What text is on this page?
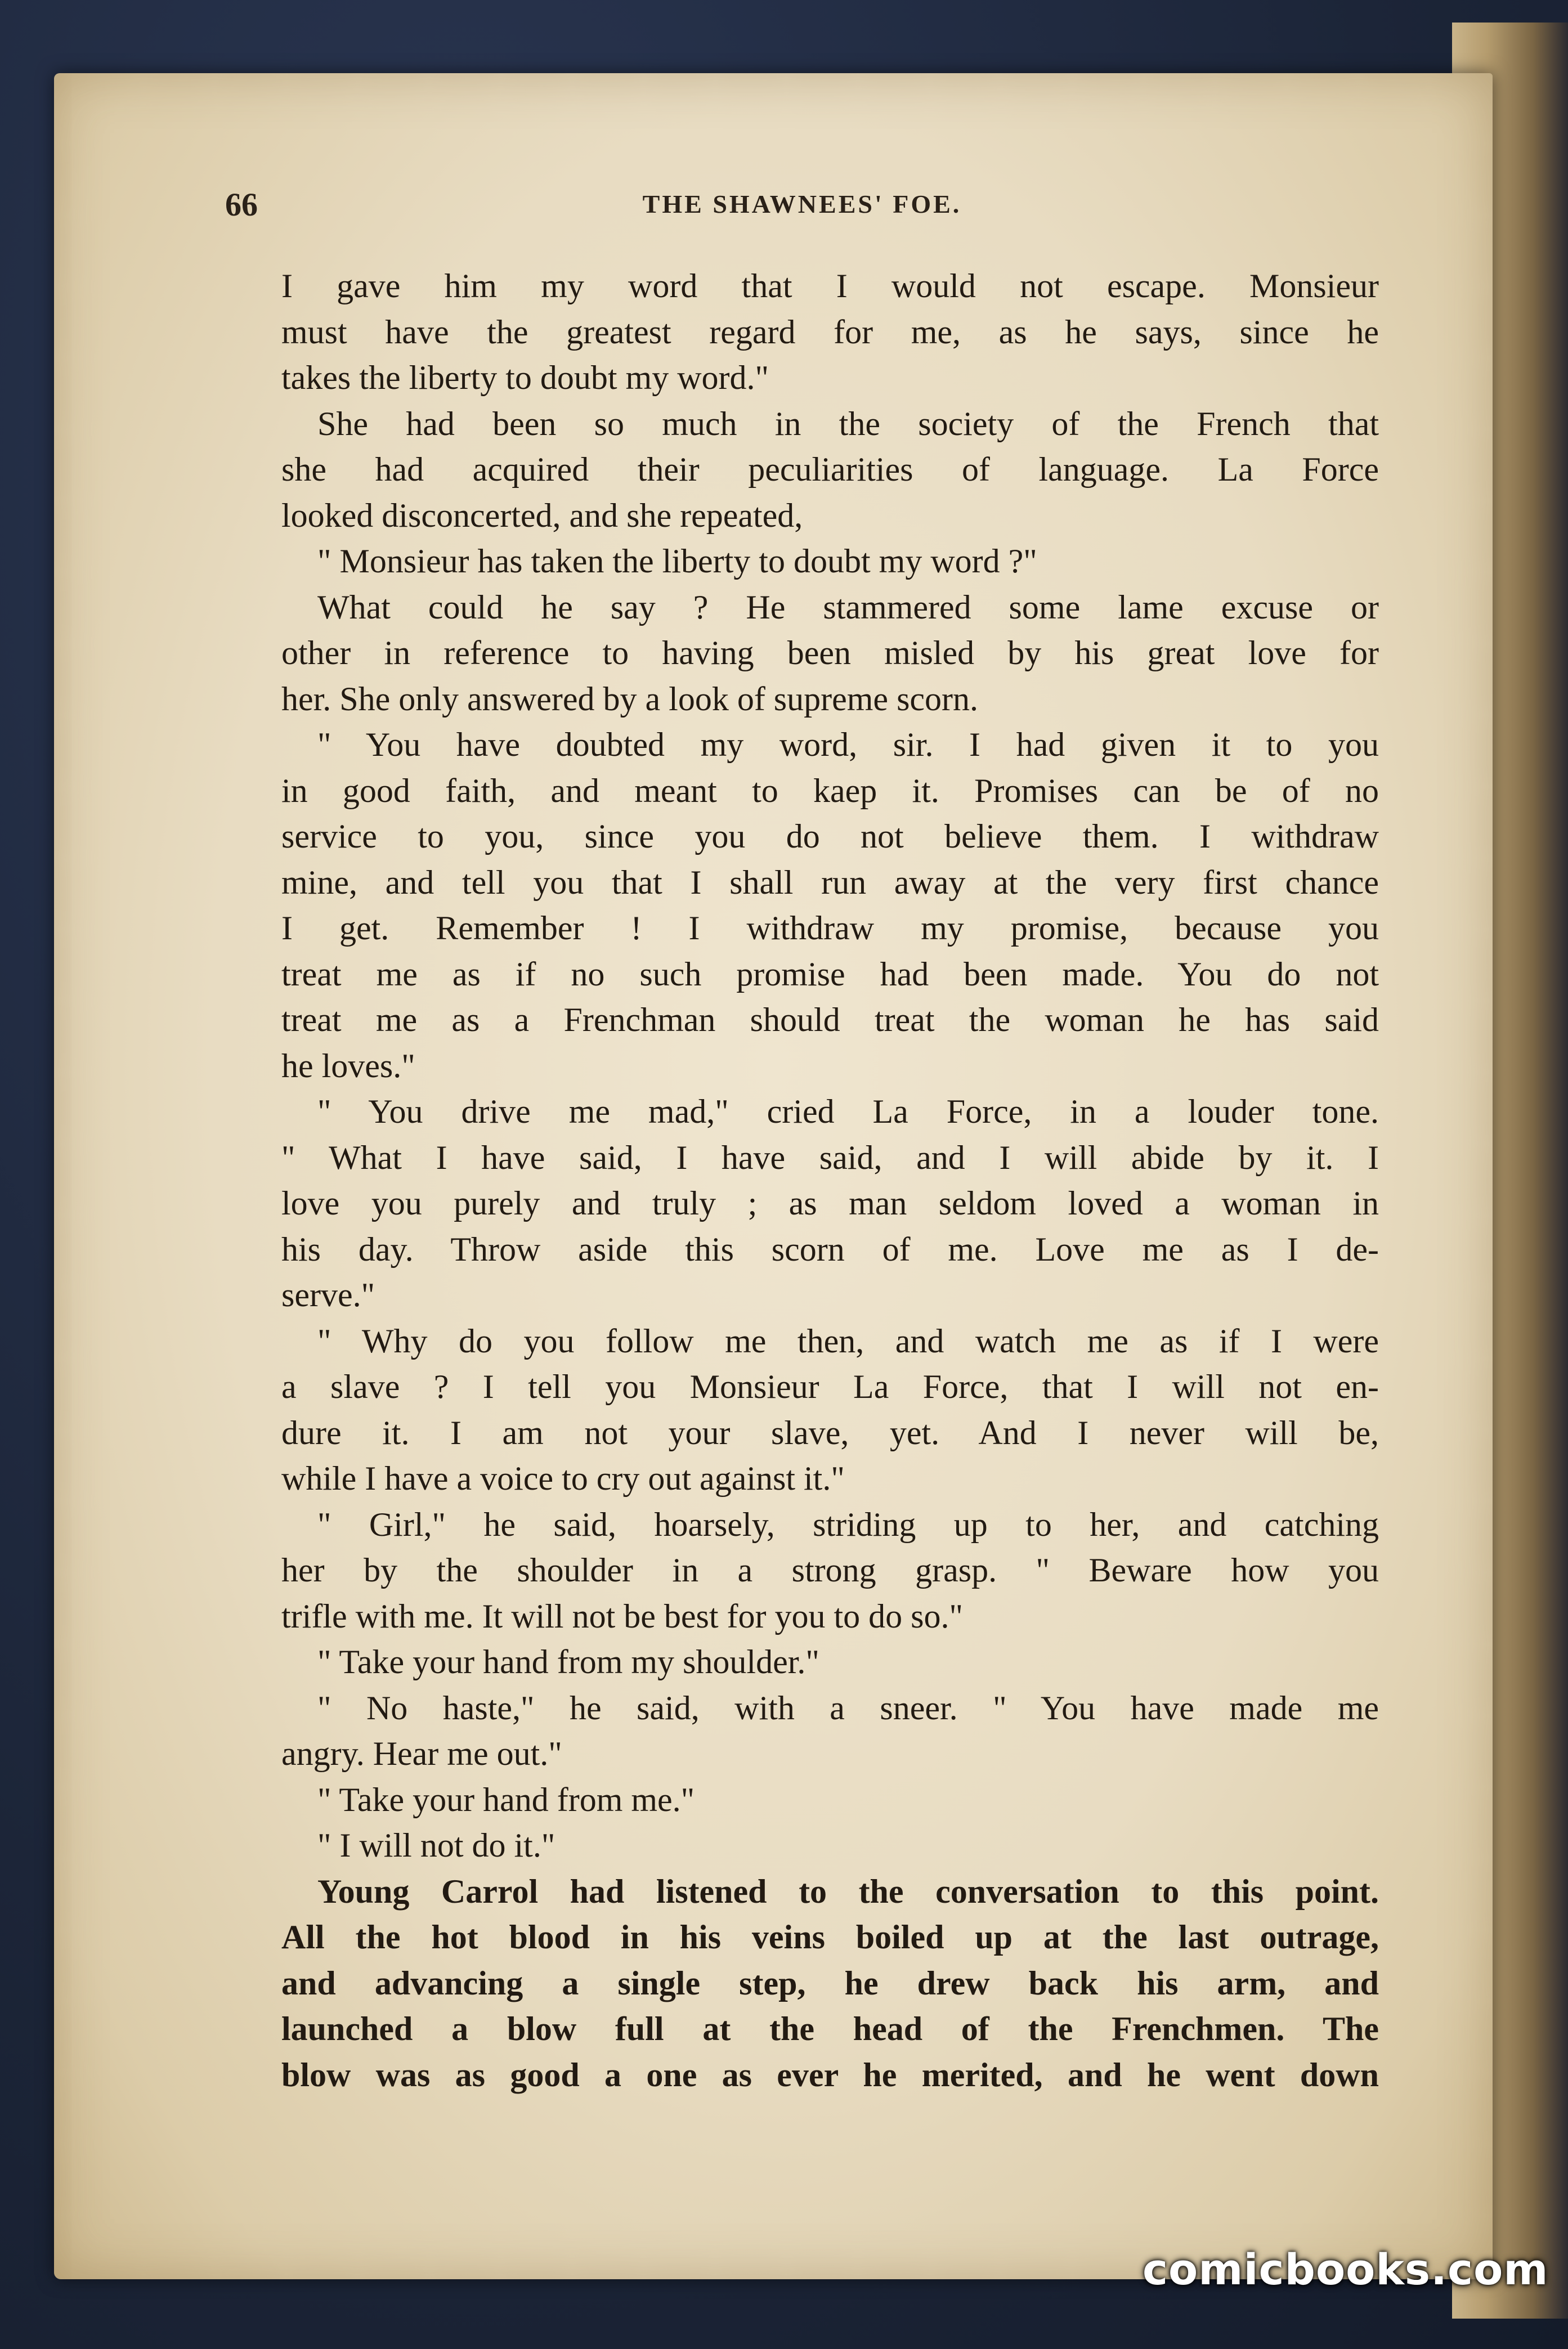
66	THE SHAWNEES' FOE.
I gave him my word that I would not escape. Monsieur
must have the greatest regard for me, as he says, since he
takes the liberty to doubt my word."
She had been so much in the society of the French that
she had acquired their peculiarities of language. La Force
looked disconcerted, and she repeated,
" Monsieur has taken the liberty to doubt my word ?"
What could he say ? He stammered some lame excuse or
other in reference to having been misled by his great love for
her. She only answered by a look of supreme scorn.
" You have doubted my word, sir. I had given it to you
in good faith, and meant to kaep it. Promises can be of no
service to you, since you do not believe them. I withdraw
mine, and tell you that I shall run away at the very first chance
I get. Remember ! I withdraw my promise, because you
treat me as if no such promise had been made. You do not
treat me as a Frenchman should treat the woman he has said
he loves."
" You drive me mad," cried La Force, in a louder tone.
" What I have said, I have said, and I will abide by it. I
love you purely and truly ; as man seldom loved a woman in
his day. Throw aside this scorn of me. Love me as I de-
serve."
" Why do you follow me then, and watch me as if I were
a slave ? I tell you Monsieur La Force, that I will not en-
dure it. I am not your slave, yet. And I never will be,
while I have a voice to cry out against it."
" Girl," he said, hoarsely, striding up to her, and catching
her by the shoulder in a strong grasp. " Beware how you
trifle with me. It will not be best for you to do so."
" Take your hand from my shoulder."
" No haste," he said, with a sneer. " You have made me
angry. Hear me out."
" Take your hand from me."
" I will not do it."
Young Carrol had listened to the conversation to this point.
All the hot blood in his veins boiled up at the last outrage,
and advancing a single step, he drew back his arm, and
launched a blow full at the head of the Frenchmen. The
blow was as good a one as ever he merited, and he went down
comicbooks.com
